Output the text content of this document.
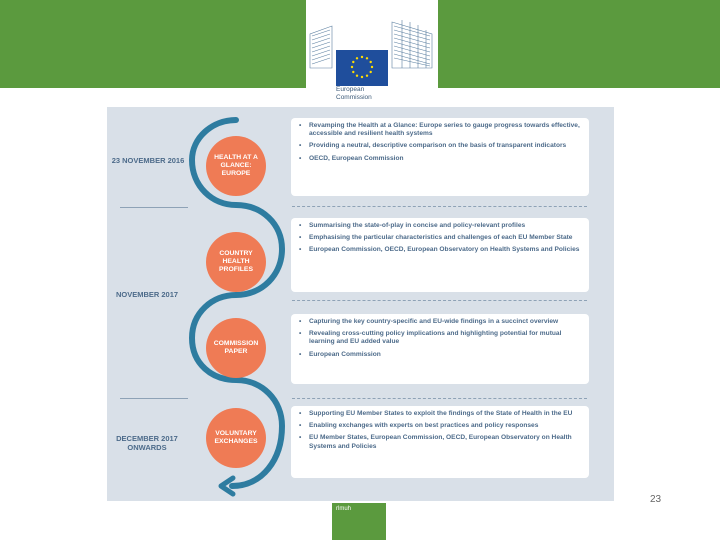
European
Commission
23 NOVEMBER 2016
NOVEMBER 2017
DECEMBER 2017 ONWARDS
HEALTH AT A GLANCE: EUROPE
COUNTRY HEALTH PROFILES
COMMISSION PAPER
VOLUNTARY EXCHANGES
• Revamping the Health at a Glance: Europe series to gauge progress towards effective, accessible and resilient health systems
• Providing a neutral, descriptive comparison on the basis of transparent indicators
• OECD, European Commission
• Summarising the state-of-play in concise and policy-relevant profiles
• Emphasising the particular characteristics and challenges of each EU Member State
• European Commission, OECD, European Observatory on Health Systems and Policies
• Capturing the key country-specific and EU-wide findings in a succinct overview
• Revealing cross-cutting policy implications and highlighting potential for mutual learning and EU added value
• European Commission
• Supporting EU Member States to exploit the findings of the State of Health in the EU
• Enabling exchanges with experts on best practices and policy responses
• EU Member States, European Commission, OECD, European Observatory on Health Systems and Policies
23
rlmuh
